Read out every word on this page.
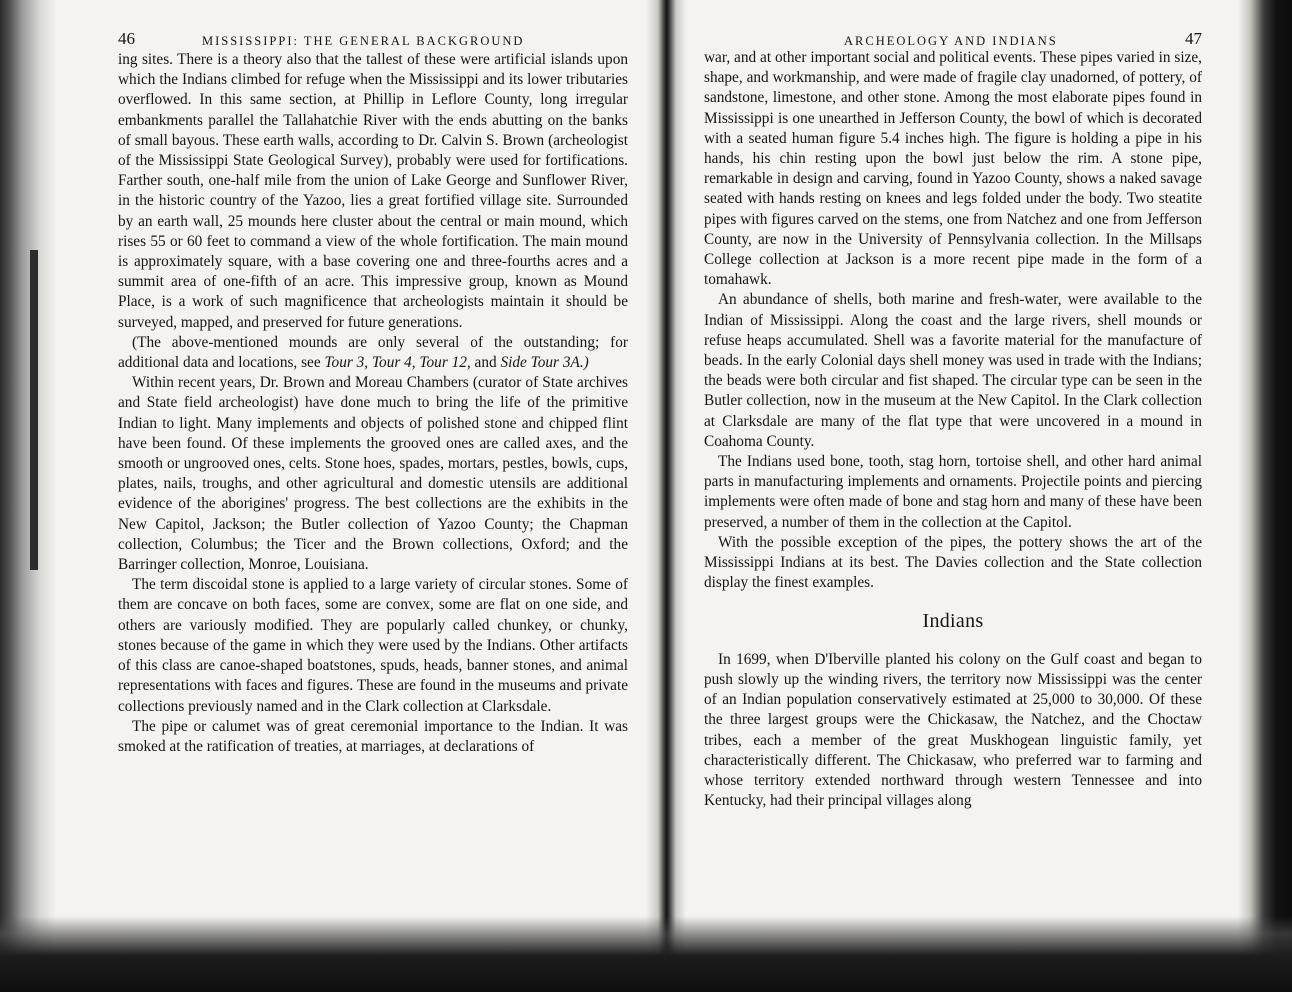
46	MISSISSIPPI: THE GENERAL BACKGROUND

ing sites. There is a theory also that the tallest of these were artificial islands upon which the Indians climbed for refuge when the Mississippi and its lower tributaries overflowed. In this same section, at Phillip in Leflore County, long irregular embankments parallel the Tallahatchie River with the ends abutting on the banks of small bayous. These earth walls, according to Dr. Calvin S. Brown (archeologist of the Mississippi State Geological Survey), probably were used for fortifications. Farther south, one-half mile from the union of Lake George and Sunflower River, in the historic country of the Yazoo, lies a great fortified village site. Surrounded by an earth wall, 25 mounds here cluster about the central or main mound, which rises 55 or 60 feet to command a view of the whole fortification. The main mound is approximately square, with a base covering one and three-fourths acres and a summit area of one-fifth of an acre. This impressive group, known as Mound Place, is a work of such magnificence that archeologists maintain it should be surveyed, mapped, and preserved for future generations.

(The above-mentioned mounds are only several of the outstanding; for additional data and locations, see Tour 3, Tour 4, Tour 12, and Side Tour 3A.)

Within recent years, Dr. Brown and Moreau Chambers (curator of State archives and State field archeologist) have done much to bring the life of the primitive Indian to light. Many implements and objects of polished stone and chipped flint have been found. Of these implements the grooved ones are called axes, and the smooth or ungrooved ones, celts. Stone hoes, spades, mortars, pestles, bowls, cups, plates, nails, troughs, and other agricultural and domestic utensils are additional evidence of the aborigines' progress. The best collections are the exhibits in the New Capitol, Jackson; the Butler collection of Yazoo County; the Chapman collection, Columbus; the Ticer and the Brown collections, Oxford; and the Barringer collection, Monroe, Louisiana.

The term discoidal stone is applied to a large variety of circular stones. Some of them are concave on both faces, some are convex, some are flat on one side, and others are variously modified. They are popularly called chunkey, or chunky, stones because of the game in which they were used by the Indians. Other artifacts of this class are canoe-shaped boatstones, spuds, heads, banner stones, and animal representations with faces and figures. These are found in the museums and private collections previously named and in the Clark collection at Clarksdale.

The pipe or calumet was of great ceremonial importance to the Indian. It was smoked at the ratification of treaties, at marriages, at declarations of

ARCHEOLOGY AND INDIANS	47

war, and at other important social and political events. These pipes varied in size, shape, and workmanship, and were made of fragile clay unadorned, of pottery, of sandstone, limestone, and other stone. Among the most elaborate pipes found in Mississippi is one unearthed in Jefferson County, the bowl of which is decorated with a seated human figure 5.4 inches high. The figure is holding a pipe in his hands, his chin resting upon the bowl just below the rim. A stone pipe, remarkable in design and carving, found in Yazoo County, shows a naked savage seated with hands resting on knees and legs folded under the body. Two steatite pipes with figures carved on the stems, one from Natchez and one from Jefferson County, are now in the University of Pennsylvania collection. In the Millsaps College collection at Jackson is a more recent pipe made in the form of a tomahawk.

An abundance of shells, both marine and fresh-water, were available to the Indian of Mississippi. Along the coast and the large rivers, shell mounds or refuse heaps accumulated. Shell was a favorite material for the manufacture of beads. In the early Colonial days shell money was used in trade with the Indians; the beads were both circular and fist shaped. The circular type can be seen in the Butler collection, now in the museum at the New Capitol. In the Clark collection at Clarksdale are many of the flat type that were uncovered in a mound in Coahoma County.

The Indians used bone, tooth, stag horn, tortoise shell, and other hard animal parts in manufacturing implements and ornaments. Projectile points and piercing implements were often made of bone and stag horn and many of these have been preserved, a number of them in the collection at the Capitol.

With the possible exception of the pipes, the pottery shows the art of the Mississippi Indians at its best. The Davies collection and the State collection display the finest examples.

Indians

In 1699, when D'Iberville planted his colony on the Gulf coast and began to push slowly up the winding rivers, the territory now Mississippi was the center of an Indian population conservatively estimated at 25,000 to 30,000. Of these the three largest groups were the Chickasaw, the Natchez, and the Choctaw tribes, each a member of the great Muskhogean linguistic family, yet characteristically different. The Chickasaw, who preferred war to farming and whose territory extended northward through western Tennessee and into Kentucky, had their principal villages along
